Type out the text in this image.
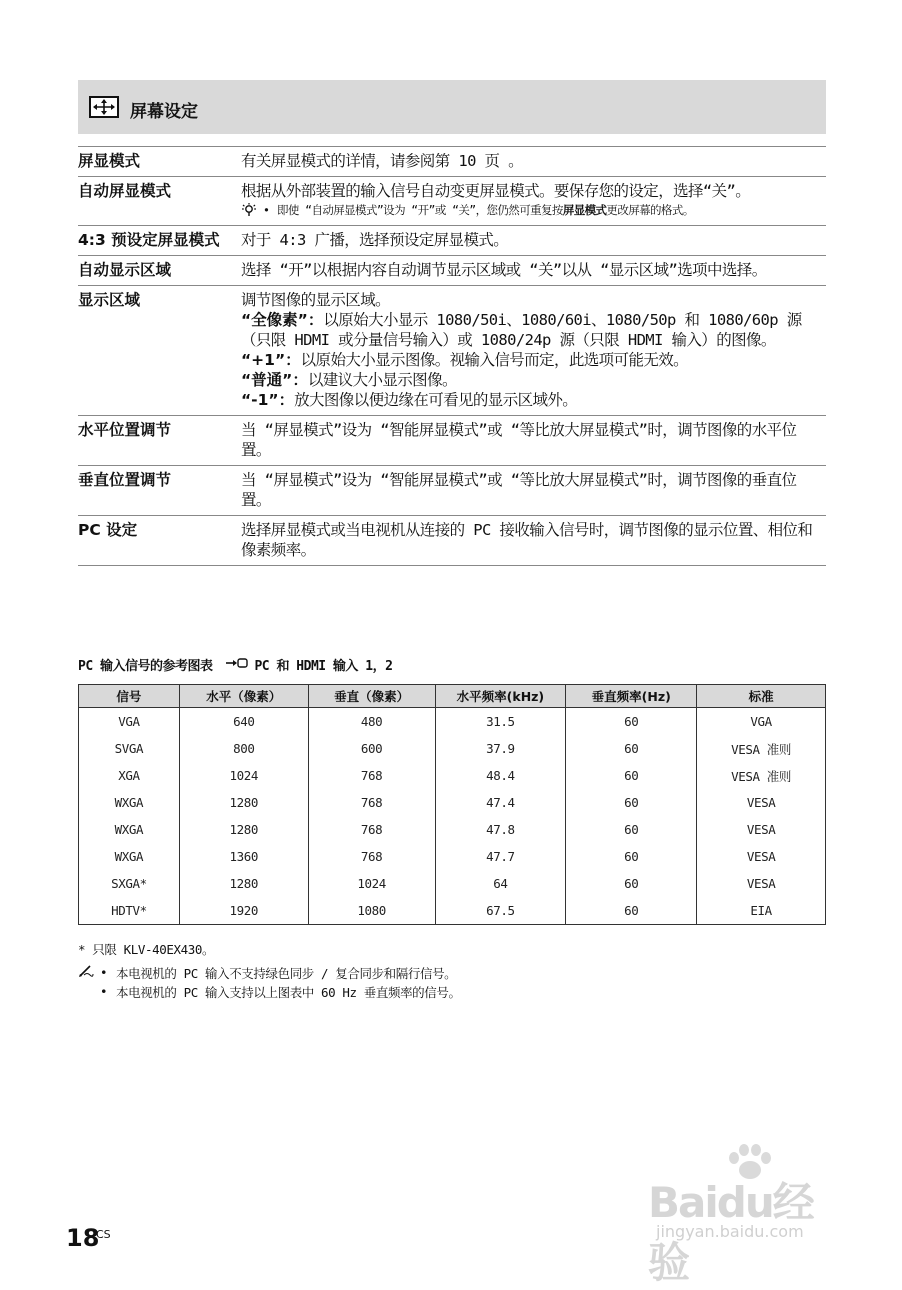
屏幕设定
屏显模式	有关屏显模式的详情，请参阅第 10 页 。
自动屏显模式	根据从外部装置的输入信号自动变更屏显模式。要保存您的设定，选择“关”。
• 即使 “自动屏显模式”设为 “开”或 “关”，您仍然可重复按屏显模式更改屏幕的格式。
4:3 预设定屏显模式	对于 4:3 广播，选择预设定屏显模式。
自动显示区域	选择 “开”以根据内容自动调节显示区域或 “关”以从 “显示区域”选项中选择。
显示区域	调节图像的显示区域。
“全像素”：以原始大小显示 1080/50i、1080/60i、1080/50p 和 1080/60p 源（只限 HDMI 或分量信号输入）或 1080/24p 源（只限 HDMI 输入）的图像。
“+1”：以原始大小显示图像。视输入信号而定，此选项可能无效。
“普通”：以建议大小显示图像。
“-1”：放大图像以便边缘在可看见的显示区域外。
水平位置调节	当 “屏显模式”设为 “智能屏显模式”或 “等比放大屏显模式”时，调节图像的水平位置。
垂直位置调节	当 “屏显模式”设为 “智能屏显模式”或 “等比放大屏显模式”时，调节图像的垂直位置。
PC 设定	选择屏显模式或当电视机从连接的 PC 接收输入信号时，调节图像的显示位置、相位和像素频率。
PC 输入信号的参考图表	PC 和 HDMI 输入 1，2
信号	水平（像素）	垂直（像素）	水平频率(kHz)	垂直频率(Hz)	标准
VGA	640	480	31.5	60	VGA
SVGA	800	600	37.9	60	VESA 准则
XGA	1024	768	48.4	60	VESA 准则
WXGA	1280	768	47.4	60	VESA
WXGA	1280	768	47.8	60	VESA
WXGA	1360	768	47.7	60	VESA
SXGA*	1280	1024	64	60	VESA
HDTV*	1920	1080	67.5	60	EIA
* 只限 KLV-40EX430。
• 本电视机的 PC 输入不支持绿色同步 / 复合同步和隔行信号。
• 本电视机的 PC 输入支持以上图表中 60 Hz 垂直频率的信号。
18
CS
Baidu经验
jingyan.baidu.com
